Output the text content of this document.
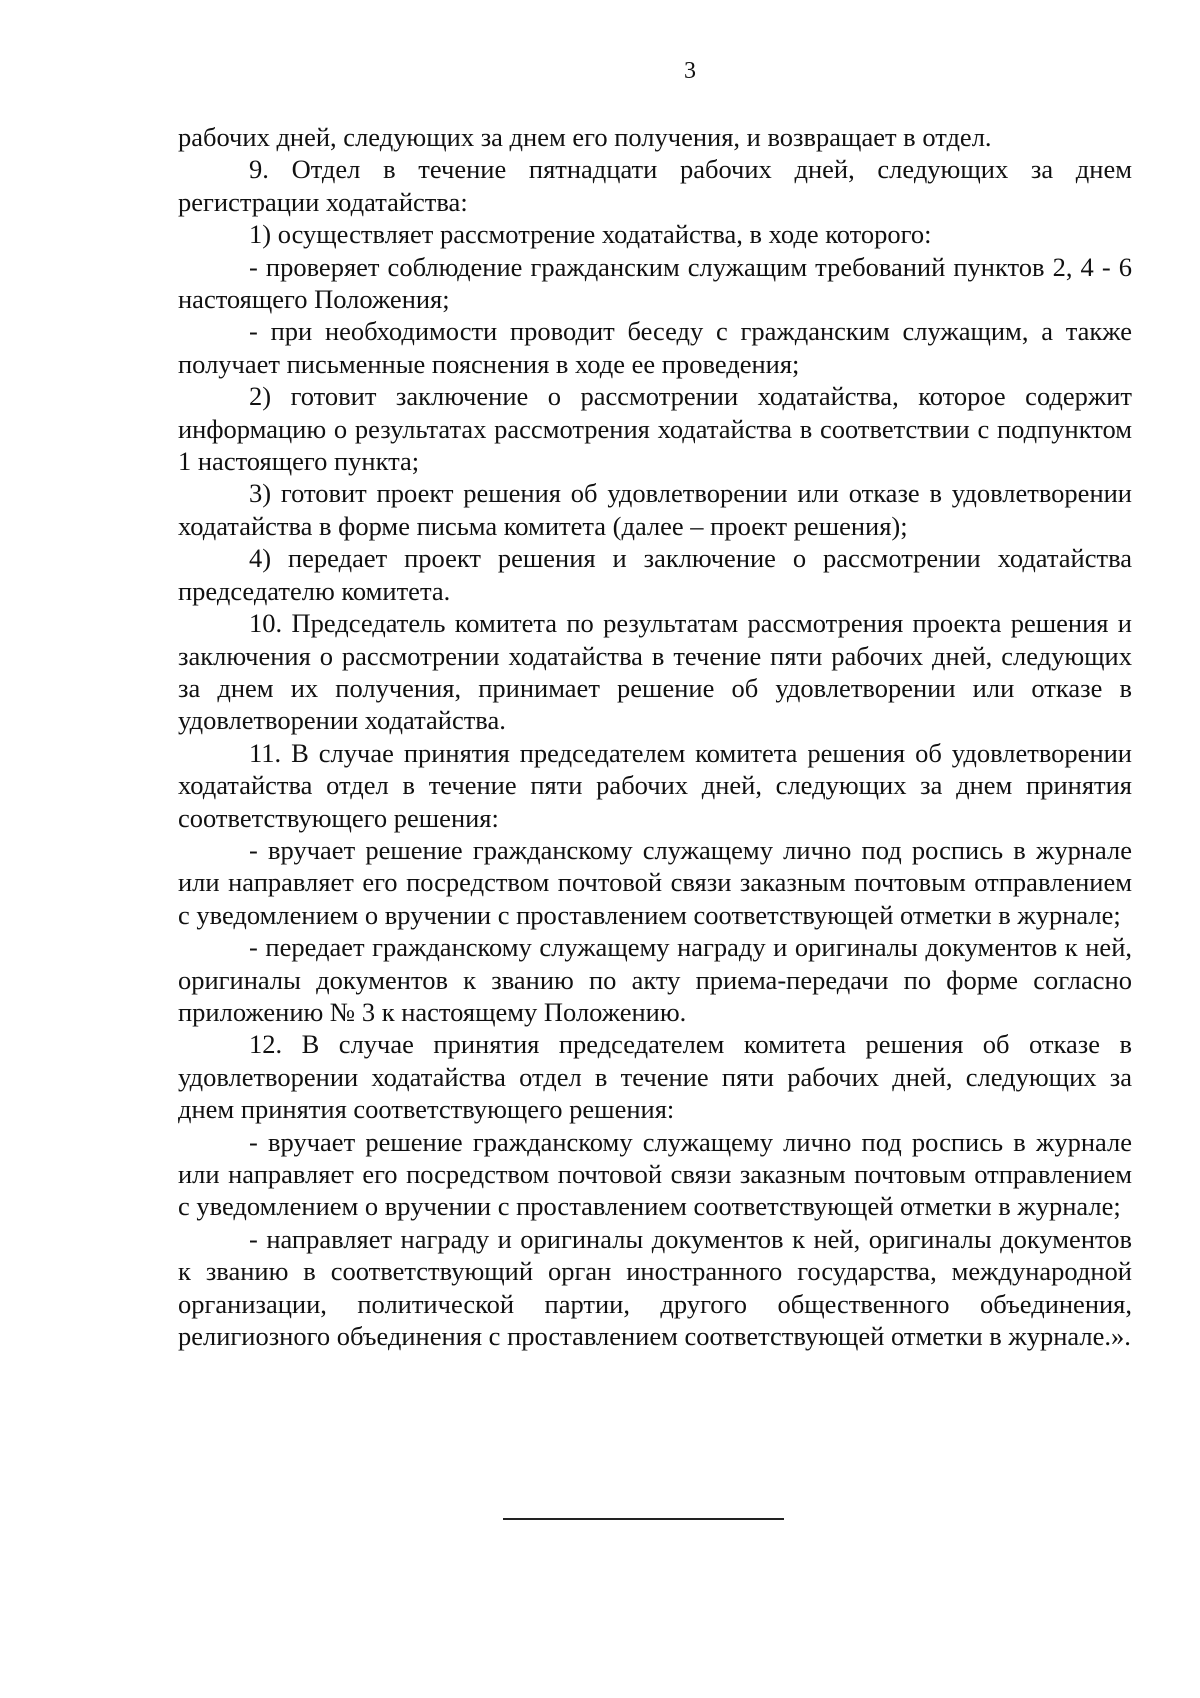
3

рабочих дней, следующих за днем его получения, и возвращает в отдел.

9. Отдел в течение пятнадцати рабочих дней, следующих за днем регистрации ходатайства:

1) осуществляет рассмотрение ходатайства, в ходе которого:

- проверяет соблюдение гражданским служащим требований пунктов 2, 4 - 6 настоящего Положения;

- при необходимости проводит беседу с гражданским служащим, а также получает письменные пояснения в ходе ее проведения;

2) готовит заключение о рассмотрении ходатайства, которое содержит информацию о результатах рассмотрения ходатайства в соответствии с подпунктом 1 настоящего пункта;

3) готовит проект решения об удовлетворении или отказе в удовлетворении ходатайства в форме письма комитета (далее – проект решения);

4) передает проект решения и заключение о рассмотрении ходатайства председателю комитета.

10. Председатель комитета по результатам рассмотрения проекта решения и заключения о рассмотрении ходатайства в течение пяти рабочих дней, следующих за днем их получения, принимает решение об удовлетворении или отказе в удовлетворении ходатайства.

11. В случае принятия председателем комитета решения об удовлетворении ходатайства отдел в течение пяти рабочих дней, следующих за днем принятия соответствующего решения:

- вручает решение гражданскому служащему лично под роспись в журнале или направляет его посредством почтовой связи заказным почтовым отправлением с уведомлением о вручении с проставлением соответствующей отметки в журнале;

- передает гражданскому служащему награду и оригиналы документов к ней, оригиналы документов к званию по акту приема-передачи по форме согласно приложению № 3 к настоящему Положению.

12. В случае принятия председателем комитета решения об отказе в удовлетворении ходатайства отдел в течение пяти рабочих дней, следующих за днем принятия соответствующего решения:

- вручает решение гражданскому служащему лично под роспись в журнале или направляет его посредством почтовой связи заказным почтовым отправлением с уведомлением о вручении с проставлением соответствующей отметки в журнале;

- направляет награду и оригиналы документов к ней, оригиналы документов к званию в соответствующий орган иностранного государства, международной организации, политической партии, другого общественного объединения, религиозного объединения с проставлением соответствующей отметки в журнале.».
